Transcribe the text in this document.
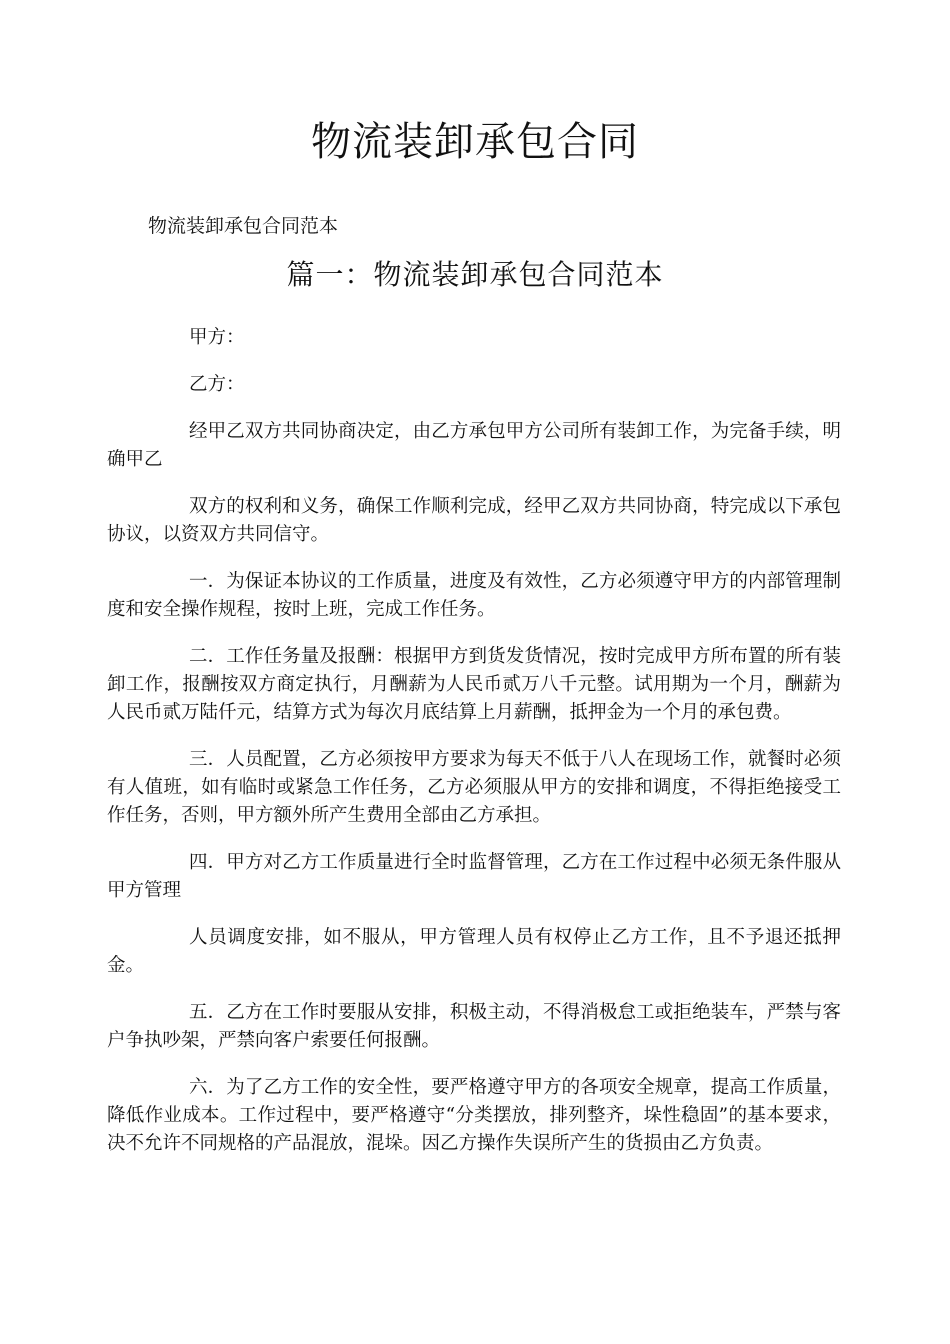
物流装卸承包合同

物流装卸承包合同范本

篇一：物流装卸承包合同范本

甲方：

乙方：

经甲乙双方共同协商决定，由乙方承包甲方公司所有装卸工作，为完备手续，明确甲乙

双方的权利和义务，确保工作顺利完成，经甲乙双方共同协商，特完成以下承包协议，以资双方共同信守。

一．为保证本协议的工作质量，进度及有效性，乙方必须遵守甲方的内部管理制度和安全操作规程，按时上班，完成工作任务。

二．工作任务量及报酬：根据甲方到货发货情况，按时完成甲方所布置的所有装卸工作，报酬按双方商定执行，月酬薪为人民币贰万八千元整。试用期为一个月，酬薪为人民币贰万陆仟元，结算方式为每次月底结算上月薪酬，抵押金为一个月的承包费。

三．人员配置，乙方必须按甲方要求为每天不低于八人在现场工作，就餐时必须有人值班，如有临时或紧急工作任务，乙方必须服从甲方的安排和调度，不得拒绝接受工作任务，否则，甲方额外所产生费用全部由乙方承担。

四．甲方对乙方工作质量进行全时监督管理，乙方在工作过程中必须无条件服从甲方管理

人员调度安排，如不服从，甲方管理人员有权停止乙方工作，且不予退还抵押金。

五．乙方在工作时要服从安排，积极主动，不得消极怠工或拒绝装车，严禁与客户争执吵架，严禁向客户索要任何报酬。

六．为了乙方工作的安全性，要严格遵守甲方的各项安全规章，提高工作质量，降低作业成本。工作过程中，要严格遵守“分类摆放，排列整齐，垛性稳固”的基本要求，决不允许不同规格的产品混放，混垛。因乙方操作失误所产生的货损由乙方负责。
